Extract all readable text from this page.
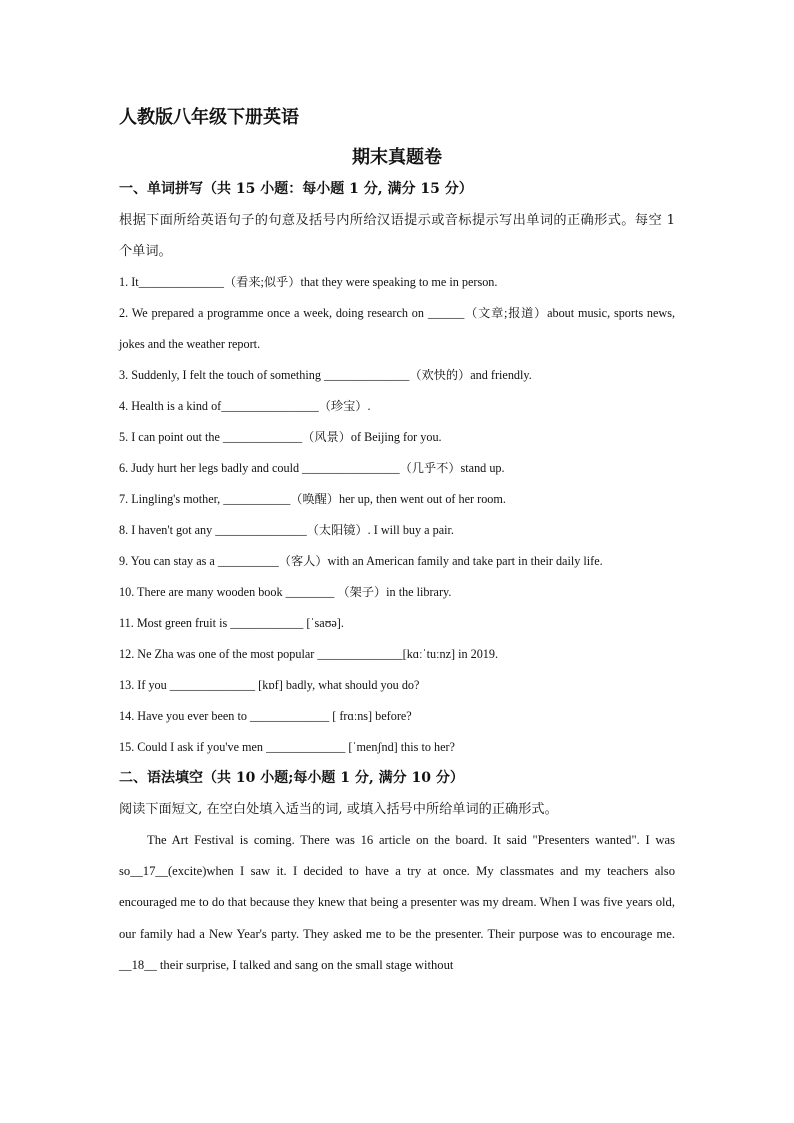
人教版八年级下册英语
期末真题卷

一、单词拼写（共 15 小题：每小题 1 分, 满分 15 分）

根据下面所给英语句子的句意及括号内所给汉语提示或音标提示写出单词的正确形式。每空 1 个单词。

1. It______________（看来;似乎）that they were speaking to me in person.
2. We prepared a programme once a week, doing research on ______（文章;报道）about music, sports news, jokes and the weather report.
3. Suddenly, I felt the touch of something ______________（欢快的）and friendly.
4. Health is a kind of________________（珍宝）.
5. I can point out the _____________（风景）of Beijing for you.
6. Judy hurt her legs badly and could ________________（几乎不）stand up.
7. Lingling's mother, ___________（唤醒）her up, then went out of her room.
8. I haven't got any _______________（太阳镜）. I will buy a pair.
9. You can stay as a __________（客人）with an American family and take part in their daily life.
10. There are many wooden book ________ （架子）in the library.
11. Most green fruit is ____________ [ˈsaʊə].
12. Ne Zha was one of the most popular ______________[kɑːˈtuːnz] in 2019.
13. If you ______________ [kɒf] badly, what should you do?
14. Have you ever been to _____________ [ frɑːns] before?
15. Could I ask if you've men _____________ [ˈmenʃnd] this to her?

二、语法填空（共 10 小题;每小题 1 分, 满分 10 分）

阅读下面短文, 在空白处填入适当的词, 或填入括号中所给单词的正确形式。

The Art Festival is coming. There was 16 article on the board. It said "Presenters wanted". I was so__17__(excite)when I saw it. I decided to have a try at once. My classmates and my teachers also encouraged me to do that because they knew that being a presenter was my dream. When I was five years old, our family had a New Year's party. They asked me to be the presenter. Their purpose was to encourage me. __18__ their surprise, I talked and sang on the small stage without
